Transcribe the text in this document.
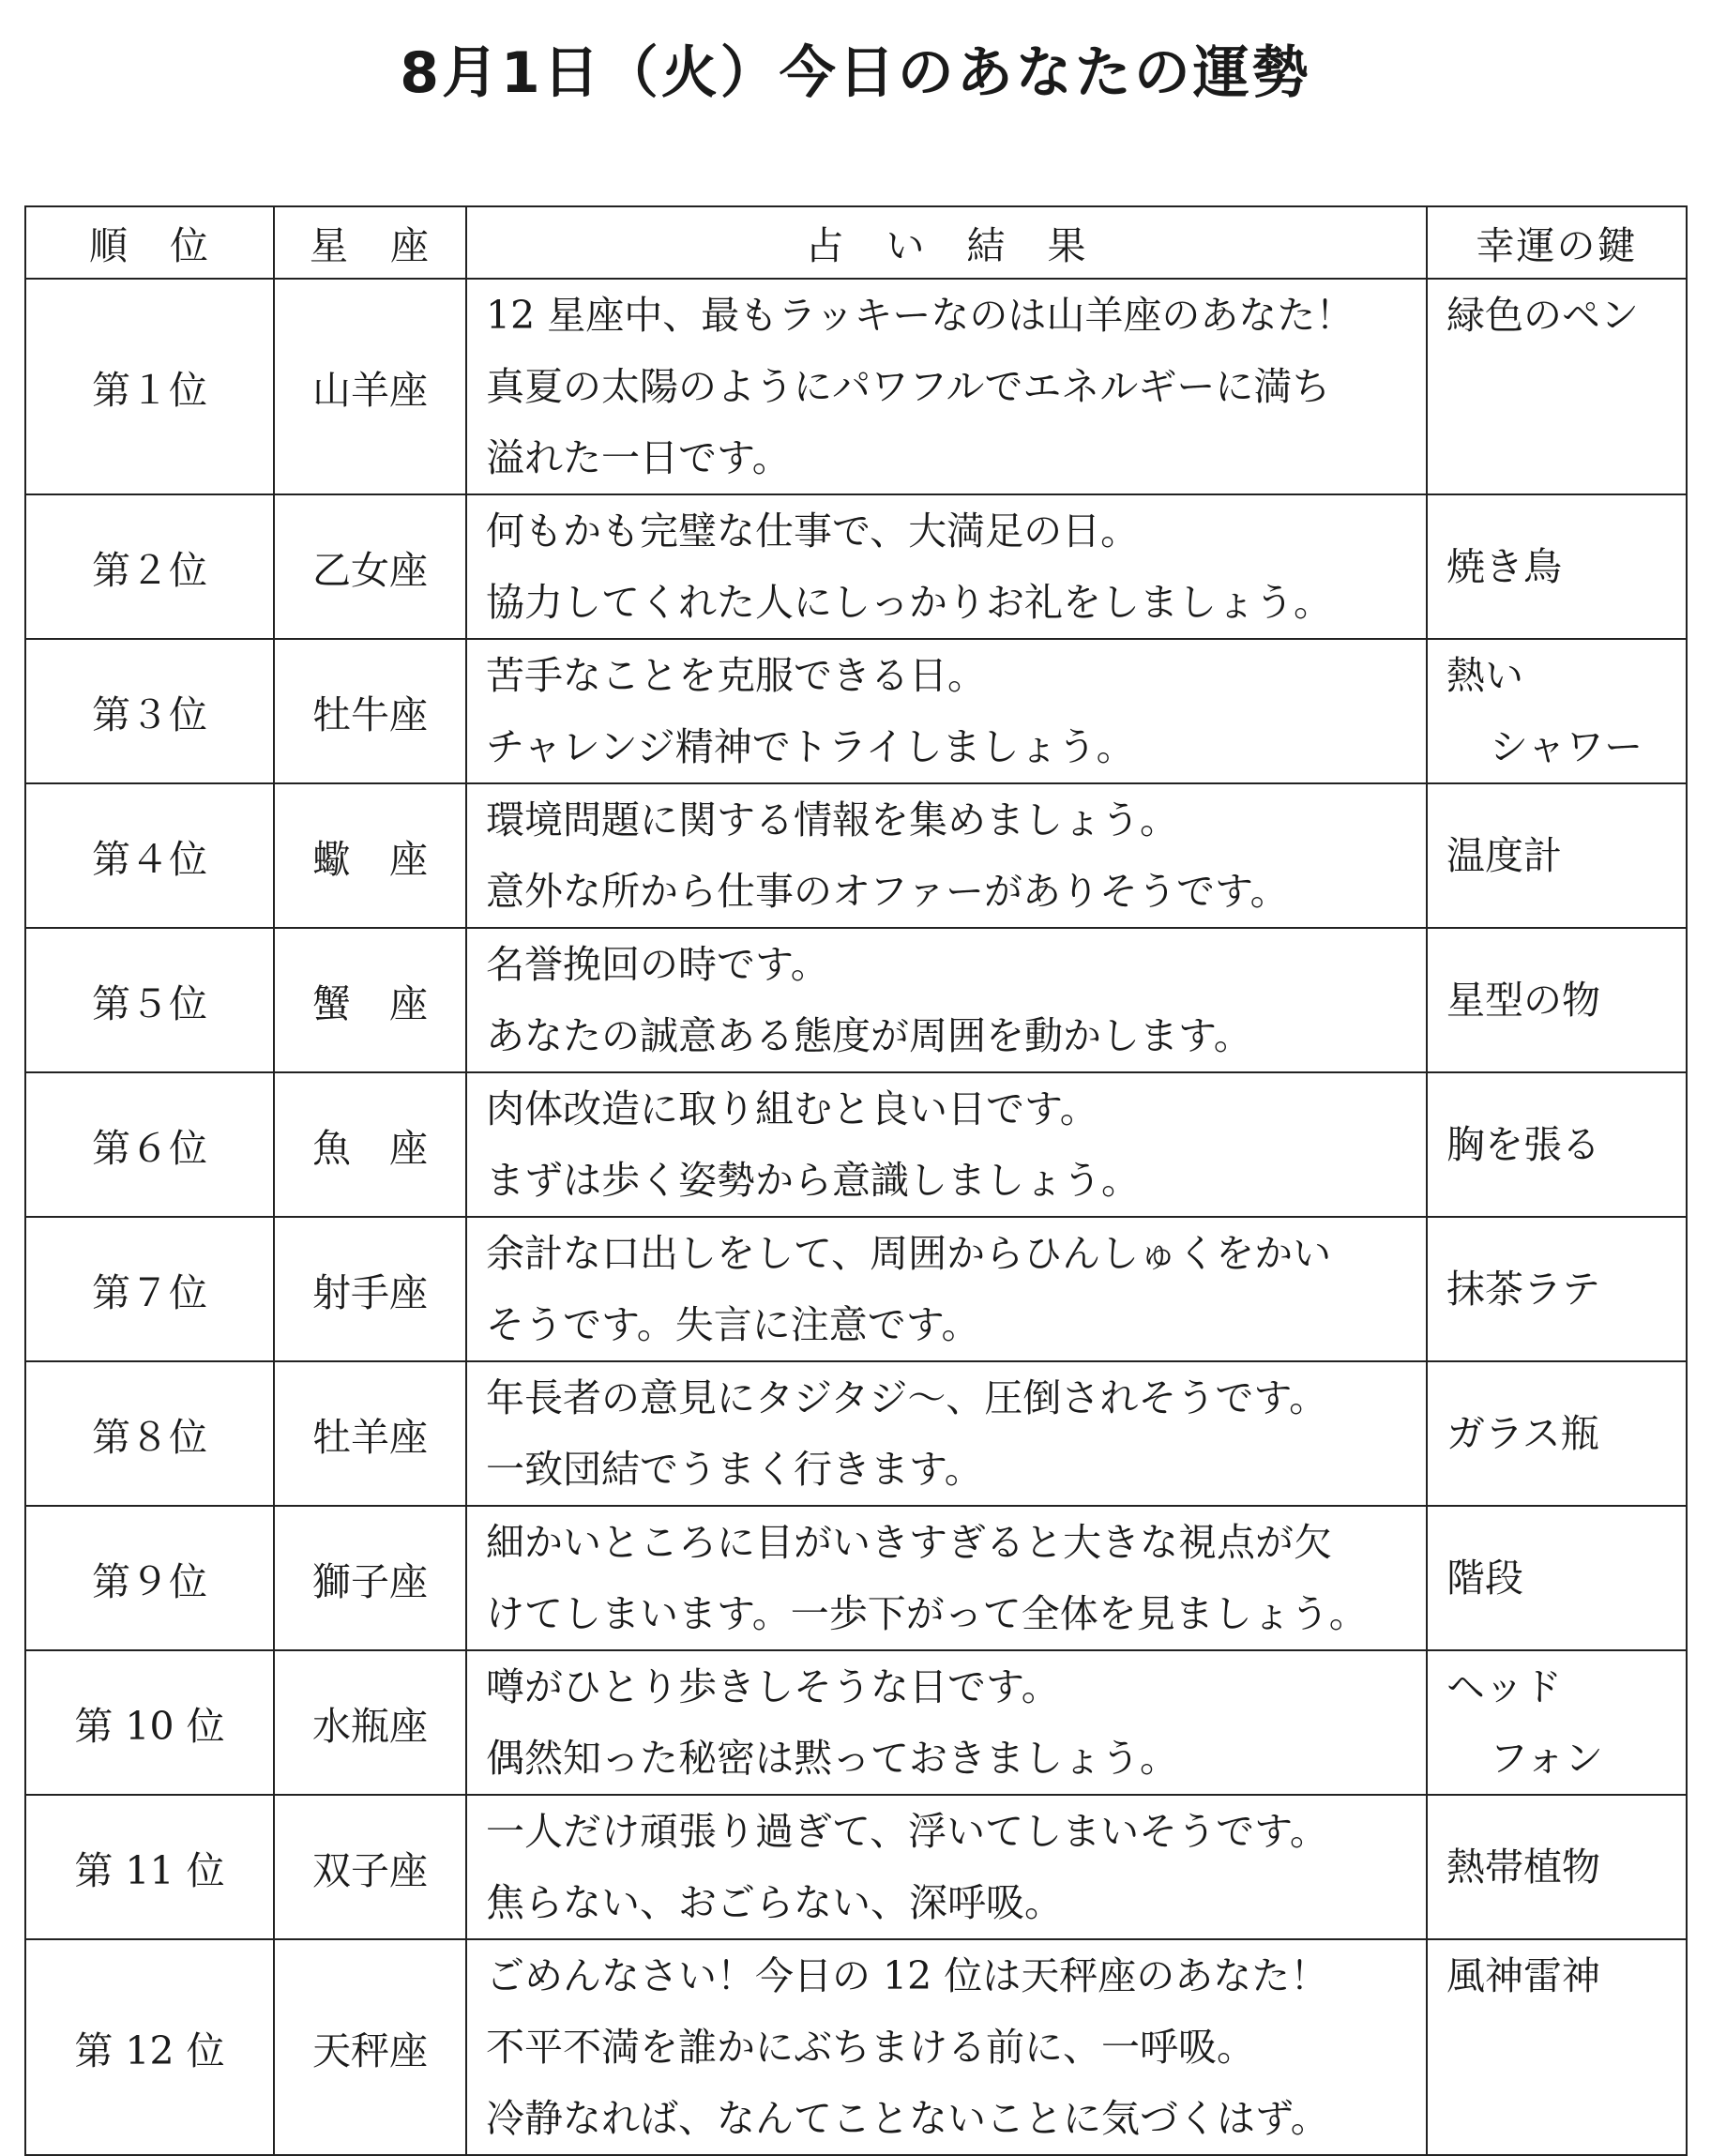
8月1日（火）今日のあなたの運勢
順　位	星　座	占　い　結　果	幸運の鍵
第１位	山羊座	12 星座中、最もラッキーなのは山羊座のあなた！
真夏の太陽のようにパワフルでエネルギーに満ち
溢れた一日です。	緑色のペン

第２位	乙女座	何もかも完璧な仕事で、大満足の日。
協力してくれた人にしっかりお礼をしましょう。	焼き鳥

第３位	牡牛座	苦手なことを克服できる日。
チャレンジ精神でトライしましょう。	熱い
シャワー

第４位	蠍　座	環境問題に関する情報を集めましょう。
意外な所から仕事のオファーがありそうです。	温度計

第５位	蟹　座	名誉挽回の時です。
あなたの誠意ある態度が周囲を動かします。	星型の物

第６位	魚　座	肉体改造に取り組むと良い日です。
まずは歩く姿勢から意識しましょう。	胸を張る

第７位	射手座	余計な口出しをして、周囲からひんしゅくをかい
そうです。失言に注意です。	抹茶ラテ

第８位	牡羊座	年長者の意見にタジタジ～、圧倒されそうです。
一致団結でうまく行きます。	ガラス瓶

第９位	獅子座	細かいところに目がいきすぎると大きな視点が欠
けてしまいます。一歩下がって全体を見ましょう。	階段

第 10 位	水瓶座	噂がひとり歩きしそうな日です。
偶然知った秘密は黙っておきましょう。	ヘッド
フォン

第 11 位	双子座	一人だけ頑張り過ぎて、浮いてしまいそうです。
焦らない、おごらない、深呼吸。	熱帯植物

第 12 位	天秤座	ごめんなさい！今日の 12 位は天秤座のあなた！
不平不満を誰かにぶちまける前に、一呼吸。
冷静なれば、なんてことないことに気づくはず。	風神雷神
